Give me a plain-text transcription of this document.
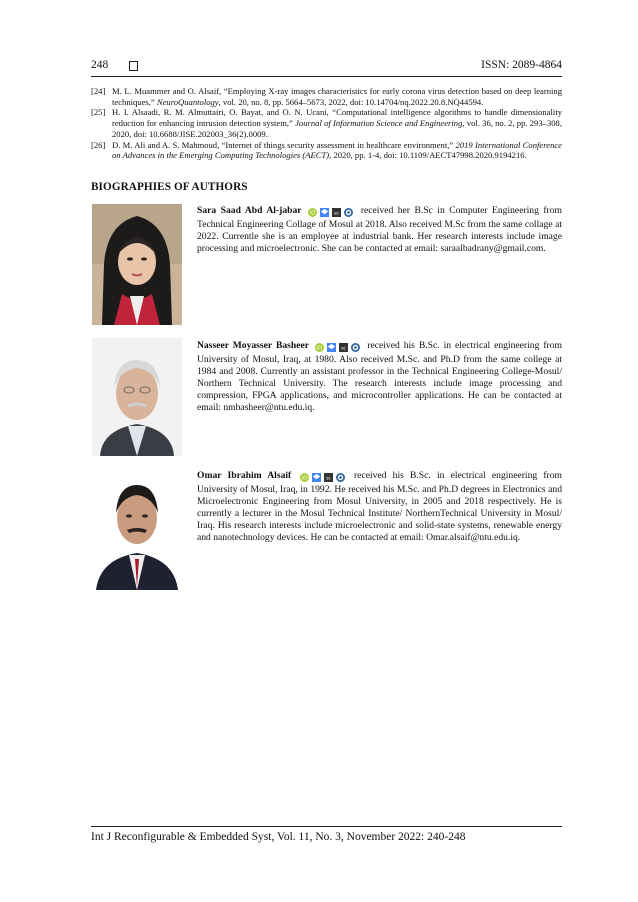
248	ISSN: 2089-4864
[24] M. L. Muammer and O. Alsaif, “Employing X-ray images characteristics for early corona virus detection based on deep learning techniques,” NeuroQuantology, vol. 20, no. 8, pp. 5664–5673, 2022, doi: 10.14704/nq.2022.20.8.NQ44594.
[25] H. I. Alsaadi, R. M. Almuttairi, O. Bayat, and O. N. Ucani, “Computational intelligence algorithms to handle dimensionality reduction for enhancing intrusion detection system,” Journal of Information Science and Engineering, vol. 36, no. 2, pp. 293–308, 2020, doi: 10.6688/JISE.202003_36(2).0009.
[26] D. M. Ali and A. S. Mahmoud, “Internet of things security assessment in healthcare environment,” 2019 International Conference on Advances in the Emerging Computing Technologies (AECT), 2020, pp. 1-4, doi: 10.1109/AECT47998.2020.9194216.
BIOGRAPHIES OF AUTHORS
Sara Saad Abd Al-jabar iD	sc received her B.Sc in Computer Engineering from Technical Engineering Collage of Mosul at 2018. Also received M.Sc from the same collage at 2022. Currentle she is an employee at industrial bank. Her research interests include image processing and microelectronic. She can be contacted at email: saraalbadrany@gmail.com.
Nasseer Moyasser Basheer iD	sc received his B.Sc. in electrical engineering from University of Mosul, Iraq, at 1980. Also received M.Sc. and Ph.D from the same college at 1984 and 2008. Currently an assistant professor in the Technical Engineering College-Mosul/ Northern Technical University. The research interests include image processing and compression, FPGA applications, and microcontroller applications. He can be contacted at email: nmbasheer@ntu.edu.iq.
Omar Ibrahim Alsaif iD	sc received his B.Sc. in electrical engineering from University of Mosul, Iraq, in 1992. He received his M.Sc. and Ph.D degrees in Electronics and Microelectronic Engineering from Mosul University, in 2005 and 2018 respectively. He is currently a lecturer in the Mosul Technical Institute/ NorthernTechnical University in Mosul/ Iraq. His research interests include microelectronic and solid-state systems, renewable energy and nanotechnology devices. He can be contacted at email: Omar.alsaif@ntu.edu.iq.
Int J Reconfigurable & Embedded Syst, Vol. 11, No. 3, November 2022: 240-248
